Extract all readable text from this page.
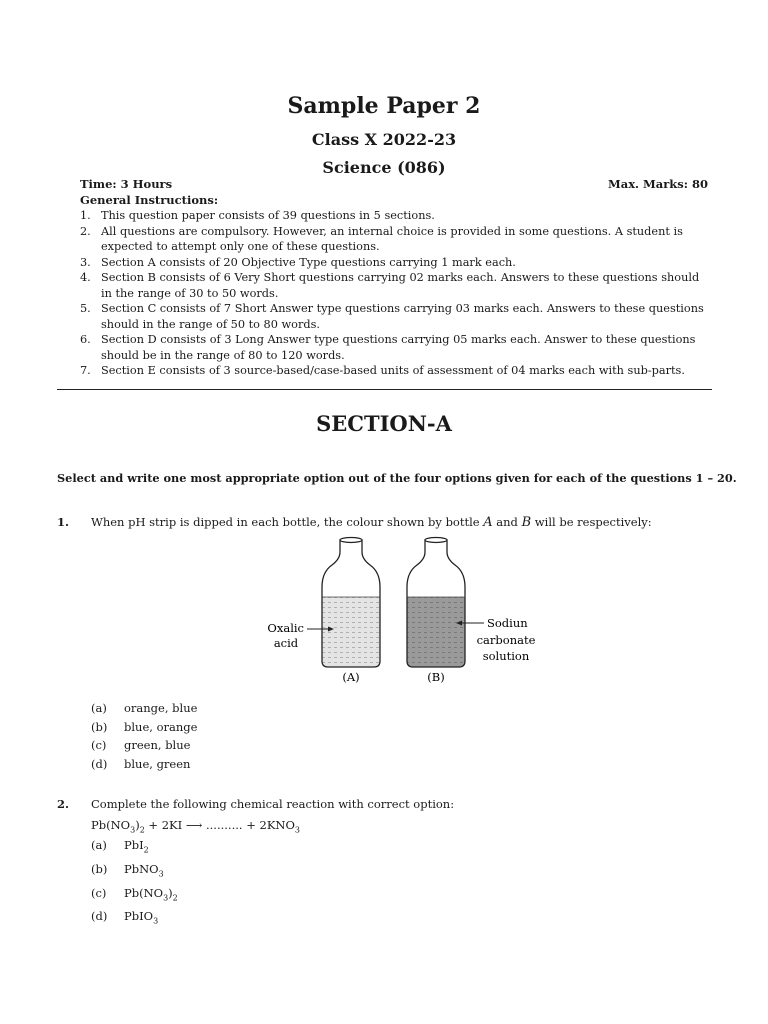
Sample Paper 2
Class X 2022-23
Science (086)
Time: 3 Hours	Max. Marks: 80
General Instructions:
1. This question paper consists of 39 questions in 5 sections.
2. All questions are compulsory. However, an internal choice is provided in some questions. A student is expected to attempt only one of these questions.
3. Section A consists of 20 Objective Type questions carrying 1 mark each.
4. Section B consists of 6 Very Short questions carrying 02 marks each. Answers to these questions should in the range of 30 to 50 words.
5. Section C consists of 7 Short Answer type questions carrying 03 marks each. Answers to these questions should in the range of 50 to 80 words.
6. Section D consists of 3 Long Answer type questions carrying 05 marks each. Answer to these questions should be in the range of 80 to 120 words.
7. Section E consists of 3 source-based/case-based units of assessment of 04 marks each with sub-parts.
SECTION-A
Select and write one most appropriate option out of the four options given for each of the questions 1 – 20.
1. When pH strip is dipped in each bottle, the colour shown by bottle A and B will be respectively:
Oxalic
acid
Sodiun
carbonate
solution
(A)	(B)
(a) orange, blue
(b) blue, orange
(c) green, blue
(d) blue, green
2. Complete the following chemical reaction with correct option:
$Pb(NO_3)_2 + 2KI$ ⟶ .......... + $2KNO_3$
(a) PbI$_2$
(b) PbNO$_3$
(c) $Pb(NO_3)_2$
(d) PbIO$_3$
